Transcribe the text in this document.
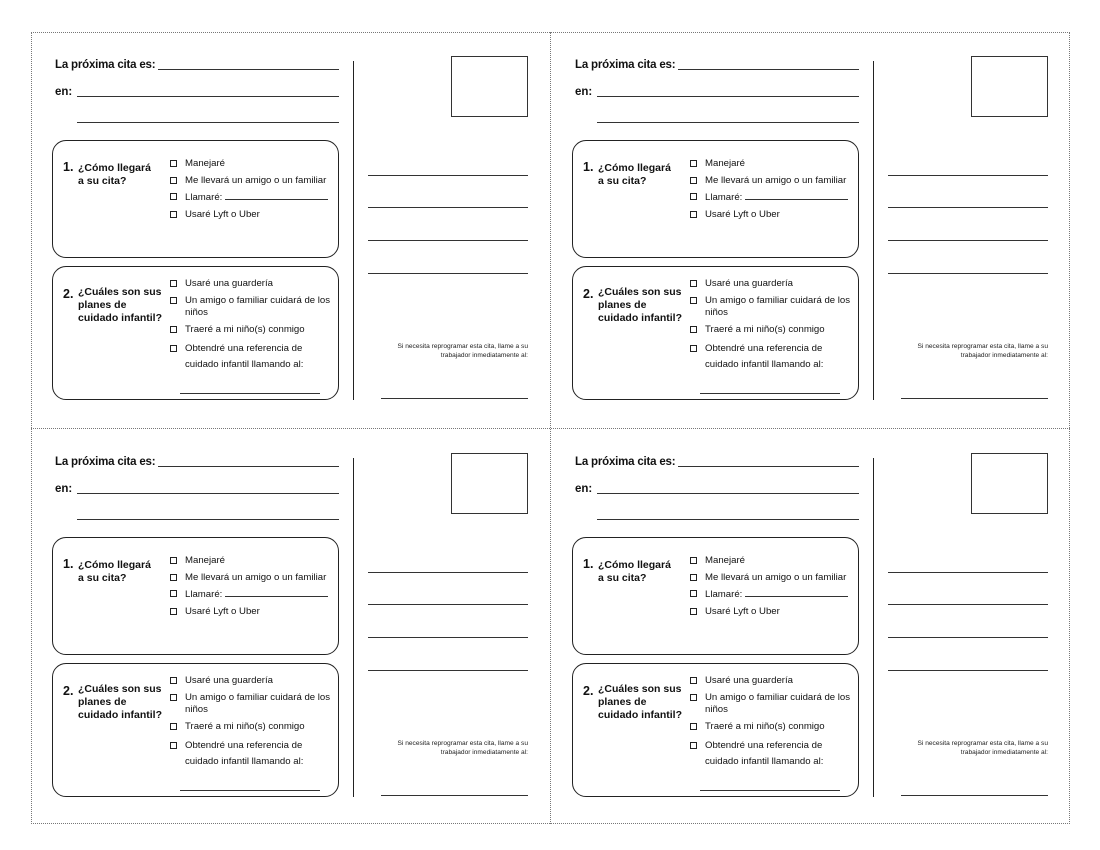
La próxima cita es:
en:
1. ¿Cómo llegará a su cita?
Manejaré
Me llevará un amigo o un familiar
Llamaré:
Usaré Lyft o Uber
2. ¿Cuáles son sus planes de cuidado infantil?
Usaré una guardería
Un amigo o familiar cuidará de los niños
Traeré a mi niño(s) conmigo
Obtendré una referencia de cuidado infantil llamando al:
Si necesita reprogramar esta cita, llame a su trabajador inmediatamente al:
La próxima cita es:
en:
1. ¿Cómo llegará a su cita?
Manejaré
Me llevará un amigo o un familiar
Llamaré:
Usaré Lyft o Uber
2. ¿Cuáles son sus planes de cuidado infantil?
Usaré una guardería
Un amigo o familiar cuidará de los niños
Traeré a mi niño(s) conmigo
Obtendré una referencia de cuidado infantil llamando al:
Si necesita reprogramar esta cita, llame a su trabajador inmediatamente al:
La próxima cita es:
en:
1. ¿Cómo llegará a su cita?
Manejaré
Me llevará un amigo o un familiar
Llamaré:
Usaré Lyft o Uber
2. ¿Cuáles son sus planes de cuidado infantil?
Usaré una guardería
Un amigo o familiar cuidará de los niños
Traeré a mi niño(s) conmigo
Obtendré una referencia de cuidado infantil llamando al:
Si necesita reprogramar esta cita, llame a su trabajador inmediatamente al:
La próxima cita es:
en:
1. ¿Cómo llegará a su cita?
Manejaré
Me llevará un amigo o un familiar
Llamaré:
Usaré Lyft o Uber
2. ¿Cuáles son sus planes de cuidado infantil?
Usaré una guardería
Un amigo o familiar cuidará de los niños
Traeré a mi niño(s) conmigo
Obtendré una referencia de cuidado infantil llamando al:
Si necesita reprogramar esta cita, llame a su trabajador inmediatamente al:
